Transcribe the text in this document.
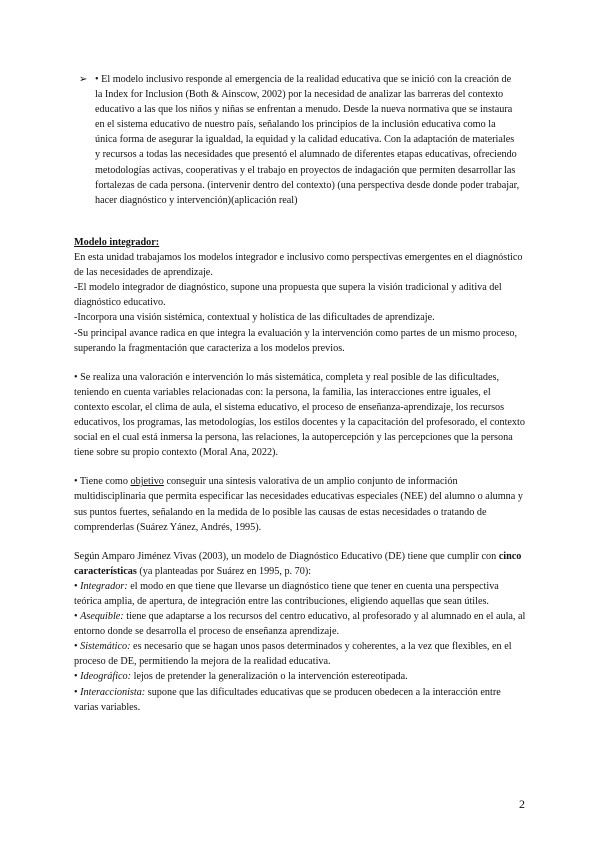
➢ • El modelo inclusivo responde al emergencia de la realidad educativa que se inició con la creación de la Index for Inclusion (Both & Ainscow, 2002) por la necesidad de analizar las barreras del contexto educativo a las que los niños y niñas se enfrentan a menudo. Desde la nueva normativa que se instaura en el sistema educativo de nuestro país, señalando los principios de la inclusión educativa como la única forma de asegurar la igualdad, la equidad y la calidad educativa. Con la adaptación de materiales y recursos a todas las necesidades que presentó el alumnado de diferentes etapas educativas, ofreciendo metodologías activas, cooperativas y el trabajo en proyectos de indagación que permiten desarrollar las fortalezas de cada persona. (intervenir dentro del contexto) (una perspectiva desde donde poder trabajar, hacer diagnóstico y intervención)(aplicación real)

Modelo integrador:

En esta unidad trabajamos los modelos integrador e inclusivo como perspectivas emergentes en el diagnóstico de las necesidades de aprendizaje.

-El modelo integrador de diagnóstico, supone una propuesta que supera la visión tradicional y aditiva del diagnóstico educativo.

-Incorpora una visión sistémica, contextual y holística de las dificultades de aprendizaje.

-Su principal avance radica en que integra la evaluación y la intervención como partes de un mismo proceso, superando la fragmentación que caracteriza a los modelos previos.

• Se realiza una valoración e intervención lo más sistemática, completa y real posible de las dificultades, teniendo en cuenta variables relacionadas con: la persona, la familia, las interacciones entre iguales, el contexto escolar, el clima de aula, el sistema educativo, el proceso de enseñanza-aprendizaje, los recursos educativos, los programas, las metodologías, los estilos docentes y la capacitación del profesorado, el contexto social en el cual está inmersa la persona, las relaciones, la autopercepción y las percepciones que la persona tiene sobre su propio contexto (Moral Ana, 2022).

• Tiene como objetivo conseguir una síntesis valorativa de un amplio conjunto de información multidisciplinaria que permita especificar las necesidades educativas especiales (NEE) del alumno o alumna y sus puntos fuertes, señalando en la medida de lo posible las causas de estas necesidades o tratando de comprenderlas (Suárez Yánez, Andrés, 1995).

Según Amparo Jiménez Vivas (2003), un modelo de Diagnóstico Educativo (DE) tiene que cumplir con cinco características (ya planteadas por Suárez en 1995, p. 70):

• Integrador: el modo en que tiene que llevarse un diagnóstico tiene que tener en cuenta una perspectiva teórica amplia, de apertura, de integración entre las contribuciones, eligiendo aquellas que sean útiles.

• Asequible: tiene que adaptarse a los recursos del centro educativo, al profesorado y al alumnado en el aula, al entorno donde se desarrolla el proceso de enseñanza aprendizaje.

• Sistemático: es necesario que se hagan unos pasos determinados y coherentes, a la vez que flexibles, en el proceso de DE, permitiendo la mejora de la realidad educativa.

• Ideográfico: lejos de pretender la generalización o la intervención estereotipada.

• Interaccionista: supone que las dificultades educativas que se producen obedecen a la interacción entre varias variables.

2
